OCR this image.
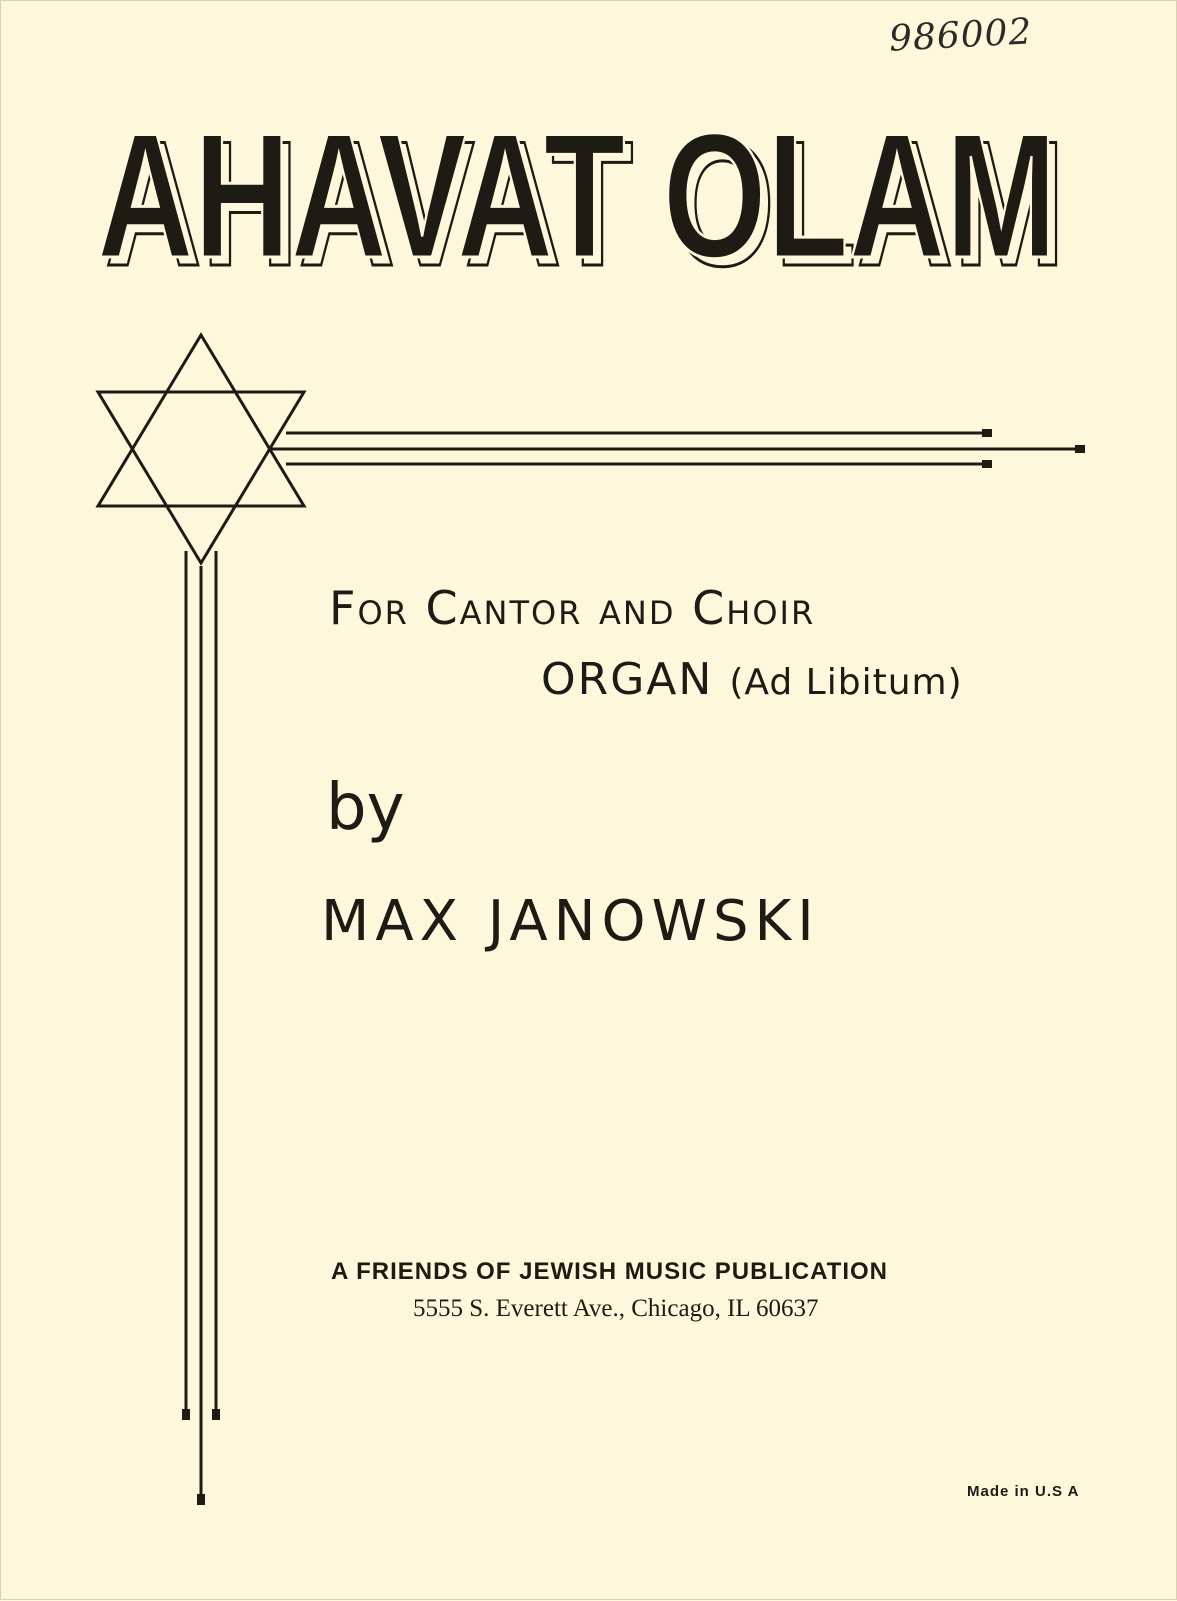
986002
AHAVAT OLAM
AHAVAT OLAM
For Cantor and Choir
ORGAN (Ad Libitum)
by
MAX JANOWSKI
A FRIENDS OF JEWISH MUSIC PUBLICATION
5555 S. Everett Ave., Chicago, IL 60637
Made in U.S A
